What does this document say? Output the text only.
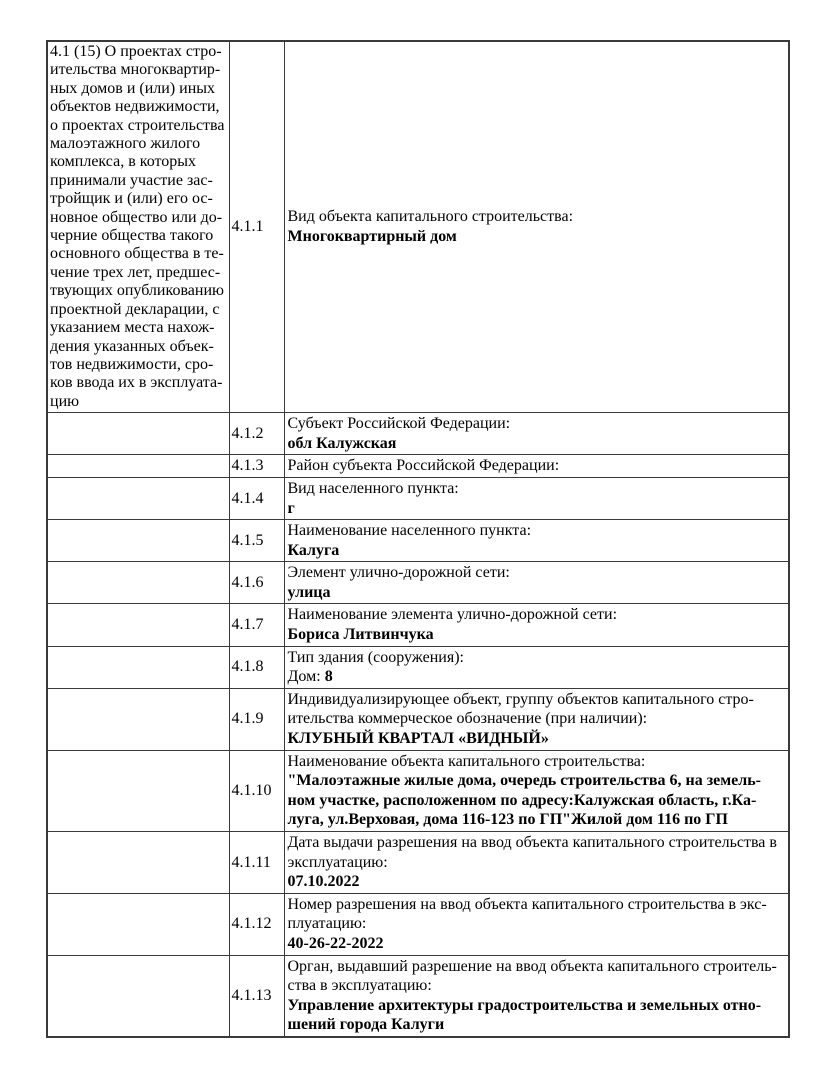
4.1 (15) О проектах стро-
ительства многоквартир-
ных домов и (или) иных
объектов недвижимости,
о проектах строительства
малоэтажного жилого
комплекса, в которых
принимали участие зас-
тройщик и (или) его ос-
новное общество или до-
черние общества такого
основного общества в те-
чение трех лет, предшес-
твующих опубликованию
проектной декларации, с
указанием места нахож-
дения указанных объек-
тов недвижимости, сро-
ков ввода их в эксплуата-
цию	4.1.1	
Вид объекта капитального строительства:
Многоквартирный дом

	4.1.2	Субъект Российской Федерации:
обл Калужская

	4.1.3	Район субъекта Российской Федерации:

	4.1.4	Вид населенного пункта:
г

	4.1.5	Наименование населенного пункта:
Калуга

	4.1.6	Элемент улично-дорожной сети:
улица

	4.1.7	Наименование элемента улично-дорожной сети:
Бориса Литвинчука

	4.1.8	Тип здания (сооружения):
Дом: 8

	4.1.9	Индивидуализирующее объект, группу объектов капитального стро-
ительства коммерческое обозначение (при наличии):
КЛУБНЫЙ КВАРТАЛ «ВИДНЫЙ»

	4.1.10	Наименование объекта капитального строительства:
"Малоэтажные жилые дома, очередь строительства 6, на земель-
ном участке, расположенном по адресу:Калужская область, г.Ка-
луга, ул.Верховая, дома 116-123 по ГП"Жилой дом 116 по ГП

	4.1.11	Дата выдачи разрешения на ввод объекта капитального строительства в
эксплуатацию:
07.10.2022

	4.1.12	Номер разрешения на ввод объекта капитального строительства в экс-
плуатацию:
40-26-22-2022

	4.1.13	Орган, выдавший разрешение на ввод объекта капитального строитель-
ства в эксплуатацию:
Управление архитектуры градостроительства и земельных отно-
шений города Калуги
